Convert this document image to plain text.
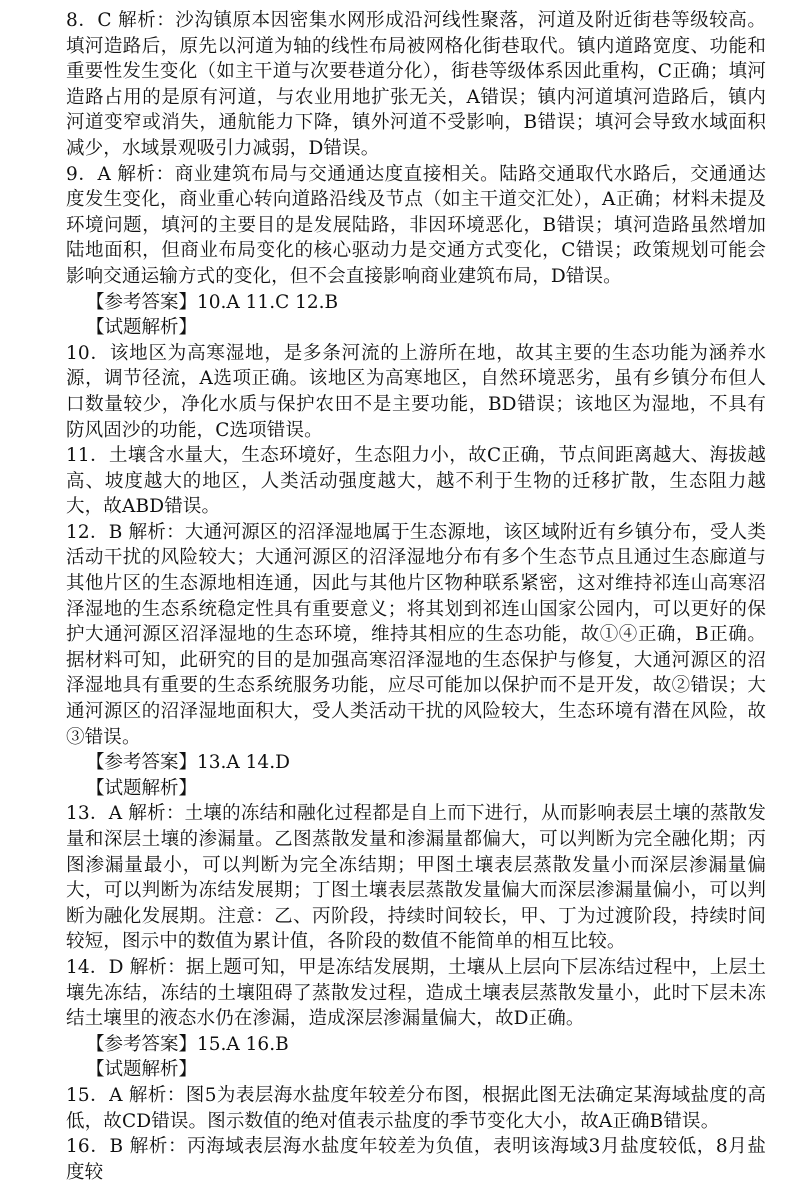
8．C 解析：沙沟镇原本因密集水网形成沿河线性聚落，河道及附近街巷等级较高。填河造路后，原先以河道为轴的线性布局被网格化街巷取代。镇内道路宽度、功能和重要性发生变化（如主干道与次要巷道分化），街巷等级体系因此重构，C正确；填河造路占用的是原有河道，与农业用地扩张无关，A错误；镇内河道填河造路后，镇内河道变窄或消失，通航能力下降，镇外河道不受影响，B错误；填河会导致水域面积减少，水域景观吸引力减弱，D错误。

9．A 解析：商业建筑布局与交通通达度直接相关。陆路交通取代水路后，交通通达度发生变化，商业重心转向道路沿线及节点（如主干道交汇处），A正确；材料未提及环境问题，填河的主要目的是发展陆路，非因环境恶化，B错误；填河造路虽然增加陆地面积，但商业布局变化的核心驱动力是交通方式变化，C错误；政策规划可能会影响交通运输方式的变化，但不会直接影响商业建筑布局，D错误。

【参考答案】10.A 11.C 12.B

【试题解析】

10．该地区为高寒湿地，是多条河流的上游所在地，故其主要的生态功能为涵养水源，调节径流，A选项正确。该地区为高寒地区，自然环境恶劣，虽有乡镇分布但人口数量较少，净化水质与保护农田不是主要功能，BD错误；该地区为湿地，不具有防风固沙的功能，C选项错误。

11．土壤含水量大，生态环境好，生态阻力小，故C正确，节点间距离越大、海拔越高、坡度越大的地区，人类活动强度越大，越不利于生物的迁移扩散，生态阻力越大，故ABD错误。

12．B 解析：大通河源区的沼泽湿地属于生态源地，该区域附近有乡镇分布，受人类活动干扰的风险较大；大通河源区的沼泽湿地分布有多个生态节点且通过生态廊道与其他片区的生态源地相连通，因此与其他片区物种联系紧密，这对维持祁连山高寒沼泽湿地的生态系统稳定性具有重要意义；将其划到祁连山国家公园内，可以更好的保护大通河源区沼泽湿地的生态环境，维持其相应的生态功能，故①④正确，B正确。据材料可知，此研究的目的是加强高寒沼泽湿地的生态保护与修复，大通河源区的沼泽湿地具有重要的生态系统服务功能，应尽可能加以保护而不是开发，故②错误；大通河源区的沼泽湿地面积大，受人类活动干扰的风险较大，生态环境有潜在风险，故③错误。

【参考答案】13.A 14.D

【试题解析】

13．A 解析：土壤的冻结和融化过程都是自上而下进行，从而影响表层土壤的蒸散发量和深层土壤的渗漏量。乙图蒸散发量和渗漏量都偏大，可以判断为完全融化期；丙图渗漏量最小，可以判断为完全冻结期；甲图土壤表层蒸散发量小而深层渗漏量偏大，可以判断为冻结发展期；丁图土壤表层蒸散发量偏大而深层渗漏量偏小，可以判断为融化发展期。注意：乙、丙阶段，持续时间较长，甲、丁为过渡阶段，持续时间较短，图示中的数值为累计值，各阶段的数值不能简单的相互比较。

14．D 解析：据上题可知，甲是冻结发展期，土壤从上层向下层冻结过程中，上层土壤先冻结，冻结的土壤阻碍了蒸散发过程，造成土壤表层蒸散发量小，此时下层未冻结土壤里的液态水仍在渗漏，造成深层渗漏量偏大，故D正确。

【参考答案】15.A 16.B

【试题解析】

15．A 解析：图5为表层海水盐度年较差分布图，根据此图无法确定某海域盐度的高低，故CD错误。图示数值的绝对值表示盐度的季节变化大小，故A正确B错误。

16．B 解析：丙海域表层海水盐度年较差为负值，表明该海域3月盐度较低，8月盐度较
